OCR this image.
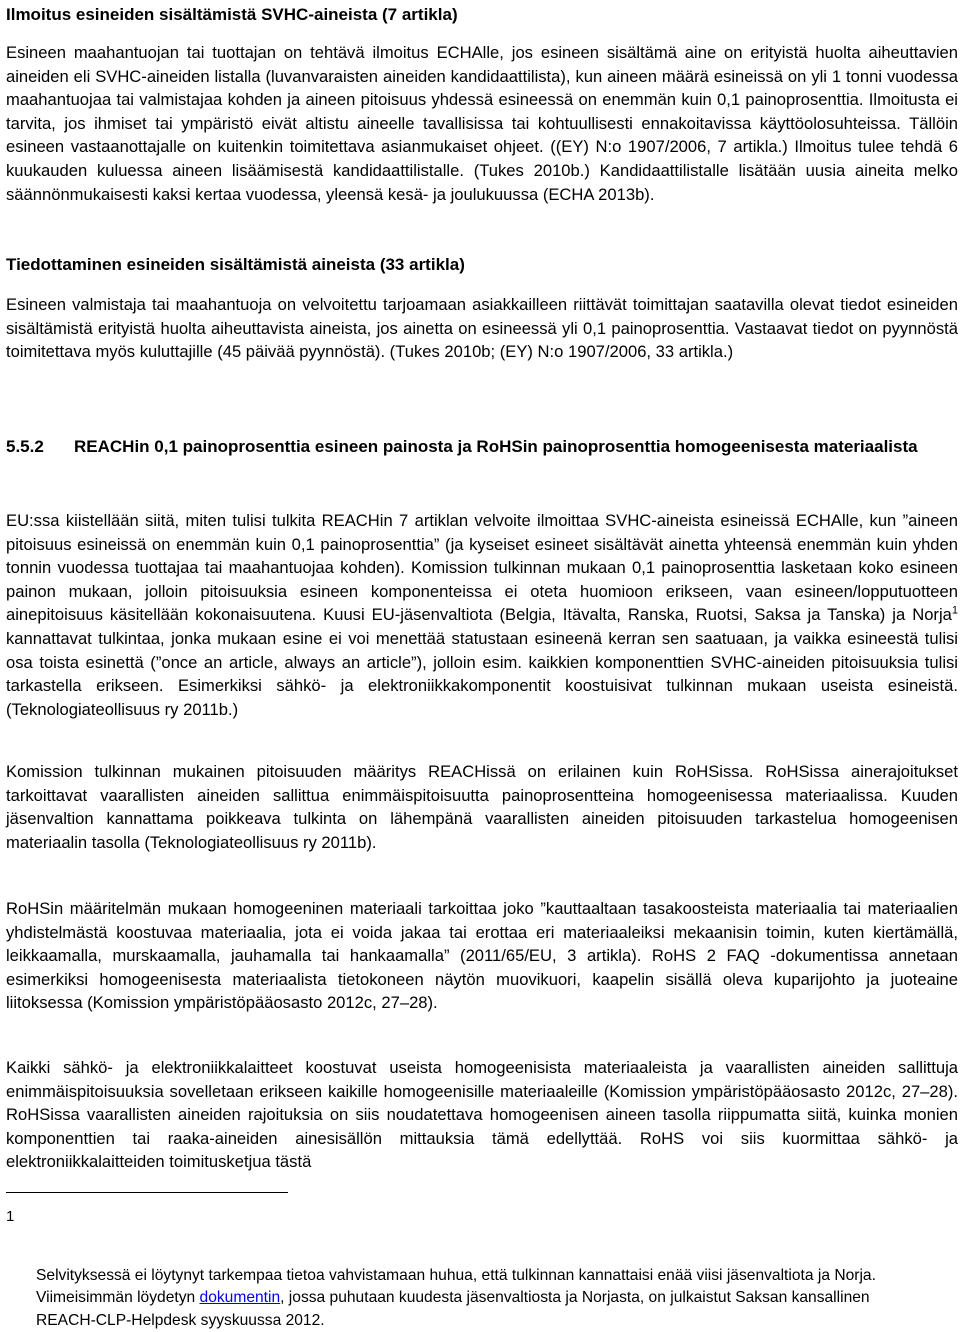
Ilmoitus esineiden sisältämistä SVHC-aineista (7 artikla)

Esineen maahantuojan tai tuottajan on tehtävä ilmoitus ECHAlle, jos esineen sisältämä aine on erityistä huolta aiheuttavien aineiden eli SVHC-aineiden listalla (luvanvaraisten aineiden kandidaattilista), kun aineen määrä esineissä on yli 1 tonni vuodessa maahantuojaa tai valmistajaa kohden ja aineen pitoisuus yhdessä esineessä on enemmän kuin 0,1 painoprosenttia. Ilmoitusta ei tarvita, jos ihmiset tai ympäristö eivät altistu aineelle tavallisissa tai kohtuullisesti ennakoitavissa käyttöolosuhteissa. Tällöin esineen vastaanottajalle on kuitenkin toimitettava asianmukaiset ohjeet. ((EY) N:o 1907/2006, 7 artikla.) Ilmoitus tulee tehdä 6 kuukauden kuluessa aineen lisäämisestä kandidaattilistalle. (Tukes 2010b.) Kandidaattilistalle lisätään uusia aineita melko säännönmukaisesti kaksi kertaa vuodessa, yleensä kesä- ja joulukuussa (ECHA 2013b).

Tiedottaminen esineiden sisältämistä aineista (33 artikla)

Esineen valmistaja tai maahantuoja on velvoitettu tarjoamaan asiakkailleen riittävät toimittajan saatavilla olevat tiedot esineiden sisältämistä erityistä huolta aiheuttavista aineista, jos ainetta on esineessä yli 0,1 painoprosenttia. Vastaavat tiedot on pyynnöstä toimitettava myös kuluttajille (45 päivää pyynnöstä). (Tukes 2010b; (EY) N:o 1907/2006, 33 artikla.)

5.5.2 REACHin 0,1 painoprosenttia esineen painosta ja RoHSin painoprosenttia homogeenisesta materiaalista

EU:ssa kiistellään siitä, miten tulisi tulkita REACHin 7 artiklan velvoite ilmoittaa SVHC-aineista esineissä ECHAlle, kun ”aineen pitoisuus esineissä on enemmän kuin 0,1 painoprosenttia” (ja kyseiset esineet sisältävät ainetta yhteensä enemmän kuin yhden tonnin vuodessa tuottajaa tai maahantuojaa kohden). Komission tulkinnan mukaan 0,1 painoprosenttia lasketaan koko esineen painon mukaan, jolloin pitoisuuksia esineen komponenteissa ei oteta huomioon erikseen, vaan esineen/lopputuotteen ainepitoisuus käsitellään kokonaisuutena. Kuusi EU-jäsenvaltiota (Belgia, Itävalta, Ranska, Ruotsi, Saksa ja Tanska) ja Norja$^1$ kannattavat tulkintaa, jonka mukaan esine ei voi menettää statustaan esineenä kerran sen saatuaan, ja vaikka esineestä tulisi osa toista esinettä (”once an article, always an article”), jolloin esim. kaikkien komponenttien SVHC-aineiden pitoisuuksia tulisi tarkastella erikseen. Esimerkiksi sähkö- ja elektroniikkakomponentit koostuisivat tulkinnan mukaan useista esineistä. (Teknologiateollisuus ry 2011b.)

Komission tulkinnan mukainen pitoisuuden määritys REACHissä on erilainen kuin RoHSissa. RoHSissa ainerajoitukset tarkoittavat vaarallisten aineiden sallittua enimmäispitoisuutta painoprosentteina homogeenisessa materiaalissa. Kuuden jäsenvaltion kannattama poikkeava tulkinta on lähempänä vaarallisten aineiden pitoisuuden tarkastelua homogeenisen materiaalin tasolla (Teknologiateollisuus ry 2011b).

RoHSin määritelmän mukaan homogeeninen materiaali tarkoittaa joko ”kauttaaltaan tasakoosteista materiaalia tai materiaalien yhdistelmästä koostuvaa materiaalia, jota ei voida jakaa tai erottaa eri materiaaleiksi mekaanisin toimin, kuten kiertämällä, leikkaamalla, murskaamalla, jauhamalla tai hankaamalla” (2011/65/EU, 3 artikla). RoHS 2 FAQ -dokumentissa annetaan esimerkiksi homogeenisesta materiaalista tietokoneen näytön muovikuori, kaapelin sisällä oleva kuparijohto ja juoteaine liitoksessa (Komission ympäristöpääosasto 2012c, 27–28).

Kaikki sähkö- ja elektroniikkalaitteet koostuvat useista homogeenisista materiaaleista ja vaarallisten aineiden sallittuja enimmäispitoisuuksia sovelletaan erikseen kaikille homogeenisille materiaaleille (Komission ympäristöpääosasto 2012c, 27–28). RoHSissa vaarallisten aineiden rajoituksia on siis noudatettava homogeenisen aineen tasolla riippumatta siitä, kuinka monien komponenttien tai raaka-aineiden ainesisällön mittauksia tämä edellyttää. RoHS voi siis kuormittaa sähkö- ja elektroniikkalaitteiden toimitusketjua tästä

1

Selvityksessä ei löytynyt tarkempaa tietoa vahvistamaan huhua, että tulkinnan kannattaisi enää viisi jäsenvaltiota ja Norja. Viimeisimmän löydetyn dokumentin, jossa puhutaan kuudesta jäsenvaltiosta ja Norjasta, on julkaistut Saksan kansallinen REACH-CLP-Helpdesk syyskuussa 2012.
